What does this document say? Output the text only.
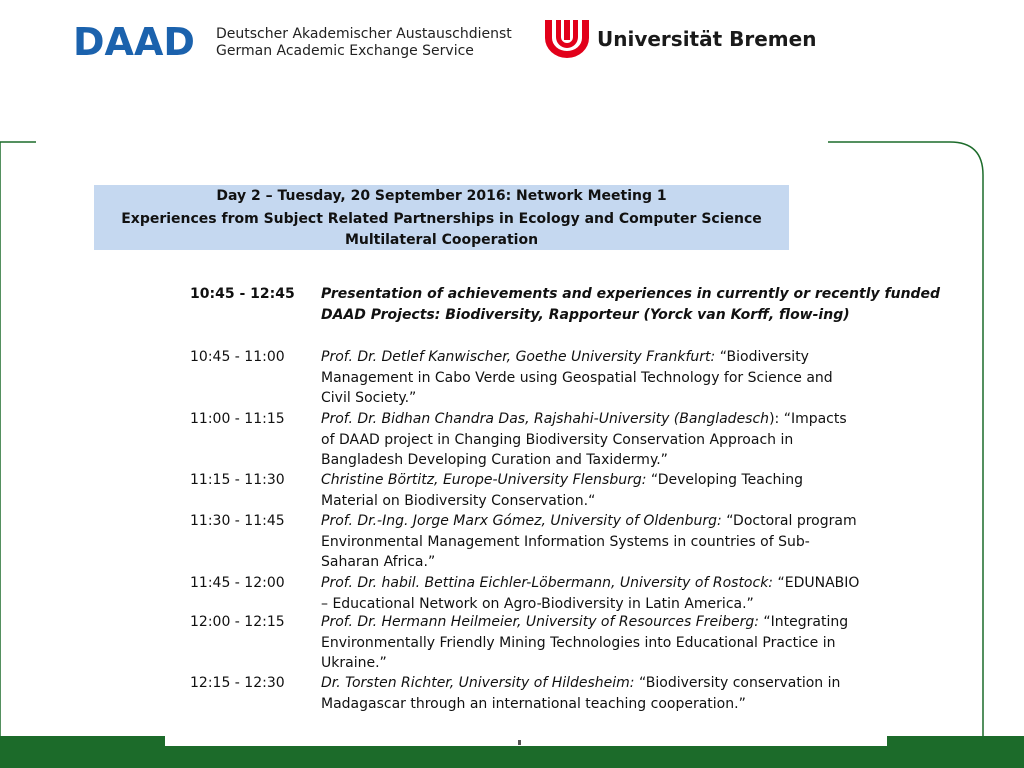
DAAD Deutscher Akademischer Austauschdienst
German Academic Exchange Service	Universität Bremen
Day 2 – Tuesday, 20 September 2016: Network Meeting 1
Experiences from Subject Related Partnerships in Ecology and Computer Science
Multilateral Cooperation
10:45 - 12:45	Presentation of achievements and experiences in currently or recently funded
DAAD Projects: Biodiversity, Rapporteur (Yorck van Korff, flow-ing)
10:45 - 11:00	Prof. Dr. Detlef Kanwischer, Goethe University Frankfurt: “Biodiversity Management in Cabo Verde using Geospatial Technology for Science and Civil Society.”
11:00 - 11:15	Prof. Dr. Bidhan Chandra Das, Rajshahi-University (Bangladesch): “Impacts of DAAD project in Changing Biodiversity Conservation Approach in Bangladesh Developing Curation and Taxidermy.”
11:15 - 11:30	Christine Börtitz, Europe-University Flensburg: “Developing Teaching Material on Biodiversity Conservation.“
11:30 - 11:45	Prof. Dr.-Ing. Jorge Marx Gómez, University of Oldenburg: “Doctoral program Environmental Management Information Systems in countries of Sub-Saharan Africa.”
11:45 - 12:00	Prof. Dr. habil. Bettina Eichler-Löbermann, University of Rostock: “EDUNABIO – Educational Network on Agro-Biodiversity in Latin America.”
12:00 - 12:15	Prof. Dr. Hermann Heilmeier, University of Resources Freiberg: “Integrating Environmentally Friendly Mining Technologies into Educational Practice in Ukraine.”
12:15 - 12:30	Dr. Torsten Richter, University of Hildesheim: “Biodiversity conservation in Madagascar through an international teaching cooperation.”
